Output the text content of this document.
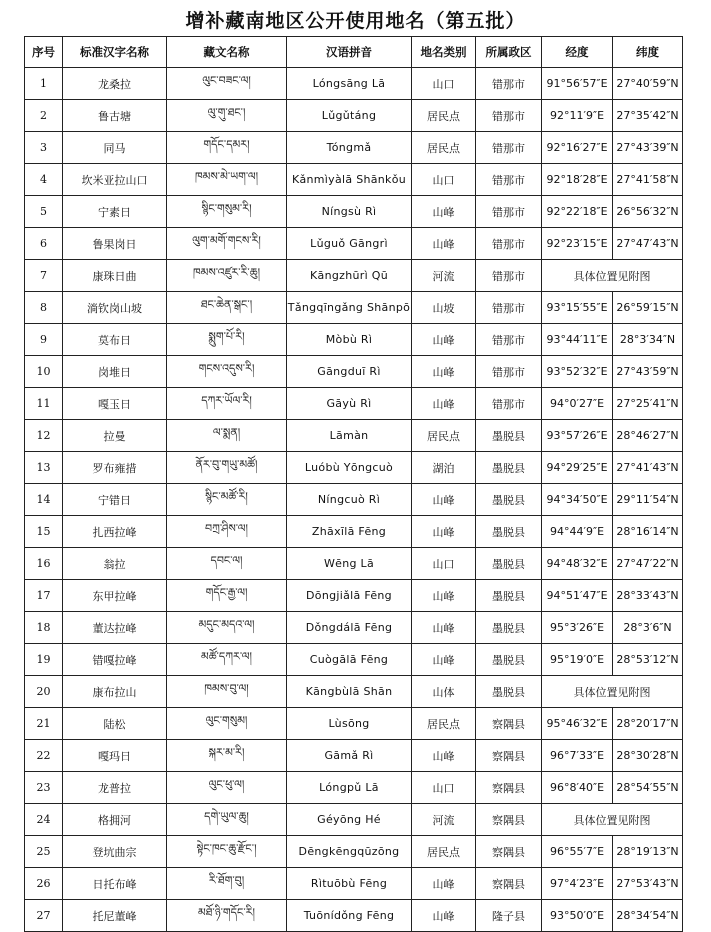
增补藏南地区公开使用地名（第五批）
序号	标准汉字名称	藏文名称	汉语拼音	地名类别	所属政区	经度	纬度
1	龙桑拉	ལུང་བཟང་ལ།	Lóngsāng Lā	山口	错那市	91°56′57″E	27°40′59″N
2	鲁古塘	ལུ་གུ་ཐང་།	Lǔgǔtáng	居民点	错那市	92°11′9″E	27°35′42″N
3	同马	གདོང་དམར།	Tóngmǎ	居民点	错那市	92°16′27″E	27°43′39″N
4	坎米亚拉山口	ཁམས་མེ་ཡག་ལ།	Kǎnmìyàlā Shānkǒu	山口	错那市	92°18′28″E	27°41′58″N
5	宁素日	སྙིང་གསུམ་རི།	Níngsù Rì	山峰	错那市	92°22′18″E	26°56′32″N
6	鲁果岗日	ལུག་མགོ་གངས་རི།	Lǔguǒ Gāngrì	山峰	错那市	92°23′15″E	27°47′43″N
7	康珠日曲	ཁམས་འཛུར་རི་ཆུ།	Kāngzhūrì Qū	河流	错那市	具体位置见附图	
8	淌钦岗山坡	ཐང་ཆེན་སྒང་།	Tǎngqīngǎng Shānpō	山坡	错那市	93°15′55″E	26°59′15″N
9	莫布日	སྨུག་པོ་རི།	Mòbù Rì	山峰	错那市	93°44′11″E	28°3′34″N
10	岗堆日	གངས་འདུས་རི།	Gāngduī Rì	山峰	错那市	93°52′32″E	27°43′59″N
11	嘎玉日	དཀར་ཡོལ་རི།	Gāyù Rì	山峰	错那市	94°0′27″E	27°25′41″N
12	拉曼	ལ་སྨན།	Lāmàn	居民点	墨脱县	93°57′26″E	28°46′27″N
13	罗布雍措	ནོར་བུ་གཡུ་མཚོ།	Luóbù Yōngcuò	湖泊	墨脱县	94°29′25″E	27°41′43″N
14	宁错日	སྙིང་མཚོ་རི།	Níngcuò Rì	山峰	墨脱县	94°34′50″E	29°11′54″N
15	扎西拉峰	བཀྲ་ཤིས་ལ།	Zhāxīlā Fēng	山峰	墨脱县	94°44′9″E	28°16′14″N
16	翁拉	དབང་ལ།	Wēng Lā	山口	墨脱县	94°48′32″E	27°47′22″N
17	东甲拉峰	གདོང་རྒྱ་ལ།	Dōngjiǎlā Fēng	山峰	墨脱县	94°51′47″E	28°33′43″N
18	董达拉峰	མདུང་མདའ་ལ།	Dǒngdálā Fēng	山峰	墨脱县	95°3′26″E	28°3′6″N
19	错嘎拉峰	མཚོ་དཀར་ལ།	Cuògālā Fēng	山峰	墨脱县	95°19′0″E	28°53′12″N
20	康布拉山	ཁམས་བུ་ལ།	Kāngbùlā Shān	山体	墨脱县	具体位置见附图	
21	陆松	ལུང་གསུམ།	Lùsōng	居民点	察隅县	95°46′32″E	28°20′17″N
22	嘎玛日	སྐར་མ་རི།	Gāmǎ Rì	山峰	察隅县	96°7′33″E	28°30′28″N
23	龙普拉	ལུང་ཕུ་ལ།	Lóngpǔ Lā	山口	察隅县	96°8′40″E	28°54′55″N
24	格拥河	དགེ་ཡུལ་ཆུ།	Géyōng Hé	河流	察隅县	具体位置见附图	
25	登坑曲宗	སྟེང་ཁང་ཆུ་རྫོང་།	Dēngkēngqūzōng	居民点	察隅县	96°55′7″E	28°19′13″N
26	日托布峰	རི་ཐོག་བུ།	Rìtuōbù Fēng	山峰	察隅县	97°4′23″E	27°53′43″N
27	托尼董峰	མཐོ་ཉི་གདོང་རི།	Tuōnídǒng Fēng	山峰	隆子县	93°50′0″E	28°34′54″N
